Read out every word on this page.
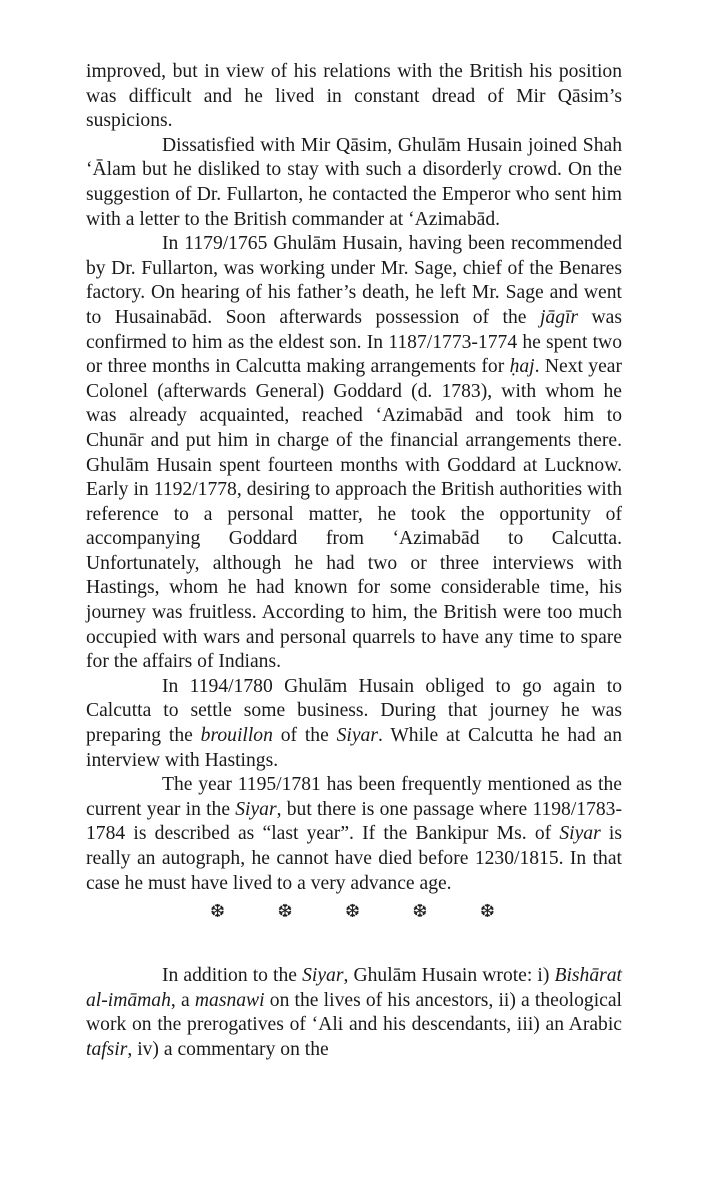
improved, but in view of his relations with the British his position was difficult and he lived in constant dread of Mir Qāsim’s suspicions.

Dissatisfied with Mir Qāsim, Ghulām Husain joined Shah ‘Ālam but he disliked to stay with such a disorderly crowd. On the suggestion of Dr. Fullarton, he contacted the Emperor who sent him with a letter to the British commander at ‘Azimabād.

In 1179/1765 Ghulām Husain, having been recommended by Dr. Fullarton, was working under Mr. Sage, chief of the Benares factory. On hearing of his father’s death, he left Mr. Sage and went to Husainabād. Soon afterwards possession of the jāgīr was confirmed to him as the eldest son. In 1187/1773-1774 he spent two or three months in Calcutta making arrangements for ḥaj. Next year Colonel (afterwards General) Goddard (d. 1783), with whom he was already acquainted, reached ‘Azimabād and took him to Chunār and put him in charge of the financial arrangements there. Ghulām Husain spent fourteen months with Goddard at Lucknow. Early in 1192/1778, desiring to approach the British authorities with reference to a personal matter, he took the opportunity of accompanying Goddard from ‘Azimabād to Calcutta. Unfortunately, although he had two or three interviews with Hastings, whom he had known for some considerable time, his journey was fruitless. According to him, the British were too much occupied with wars and personal quarrels to have any time to spare for the affairs of Indians.

In 1194/1780 Ghulām Husain obliged to go again to Calcutta to settle some business. During that journey he was preparing the brouillon of the Siyar. While at Calcutta he had an interview with Hastings.

The year 1195/1781 has been frequently mentioned as the current year in the Siyar, but there is one passage where 1198/1783-1784 is described as “last year”. If the Bankipur Ms. of Siyar is really an autograph, he cannot have died before 1230/1815. In that case he must have lived to a very advance age.

❆	❆	❆	❆	❆

In addition to the Siyar, Ghulām Husain wrote: i) Bishārat al-imāmah, a masnawi on the lives of his ancestors, ii) a theological work on the prerogatives of ‘Ali and his descendants, iii) an Arabic tafsir, iv) a commentary on the
